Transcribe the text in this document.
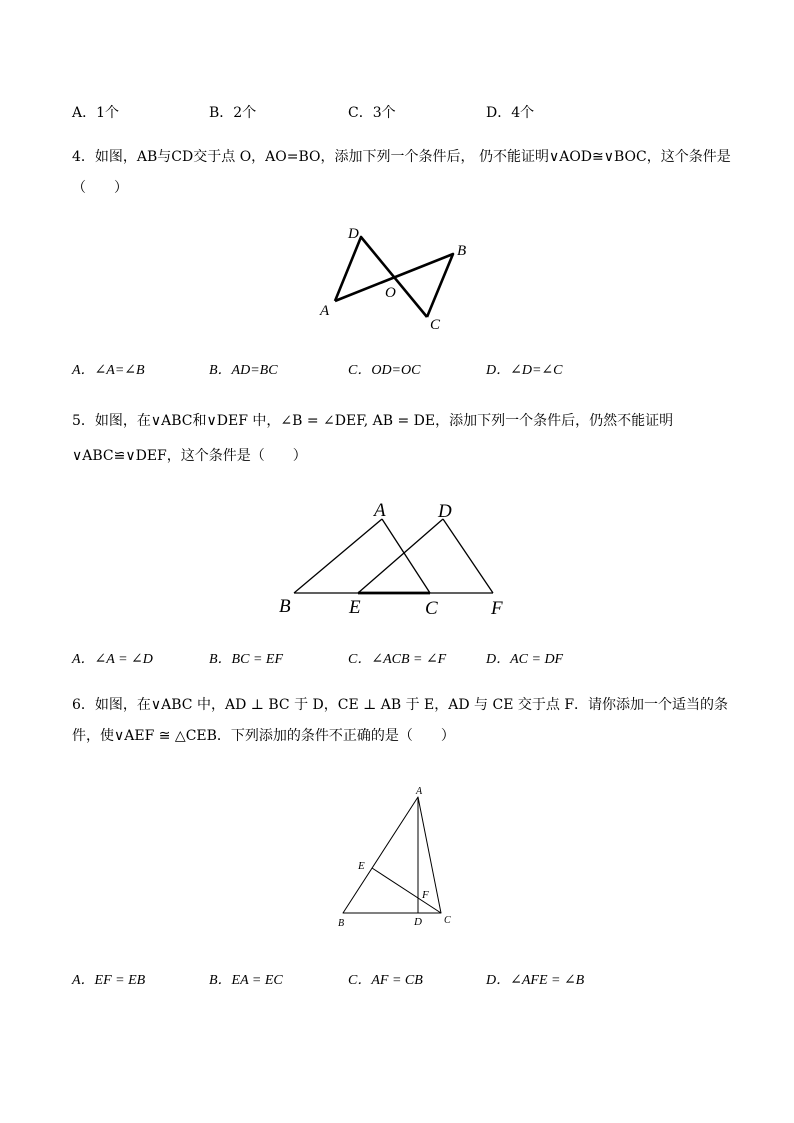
A．1个	B．2个	C．3个	D．4个
4．如图，AB与CD交于点 O，AO=BO，添加下列一个条件后， 仍不能证明∨AOD≅∨BOC，这个条件是
（　　）
D
B
O
A
C
A．∠A=∠B	B．AD=BC	C．OD=OC	D．∠D=∠C
5．如图，在∨ABC和∨DEF 中，∠B = ∠DEF, AB = DE，添加下列一个条件后，仍然不能证明
∨ABC≌∨DEF，这个条件是（　　）
A	D
B	E	C	F
A．∠A = ∠D	B．BC = EF	C．∠ACB = ∠F	D．AC = DF
6．如图，在∨ABC 中，AD ⊥ BC 于 D，CE ⊥ AB 于 E，AD 与 CE 交于点 F．请你添加一个适当的条
件，使∨AEF ≅ △CEB．下列添加的条件不正确的是（　　）
A
E
F
B	D C
A．EF = EB	B．EA = EC	C．AF = CB	D．∠AFE = ∠B
